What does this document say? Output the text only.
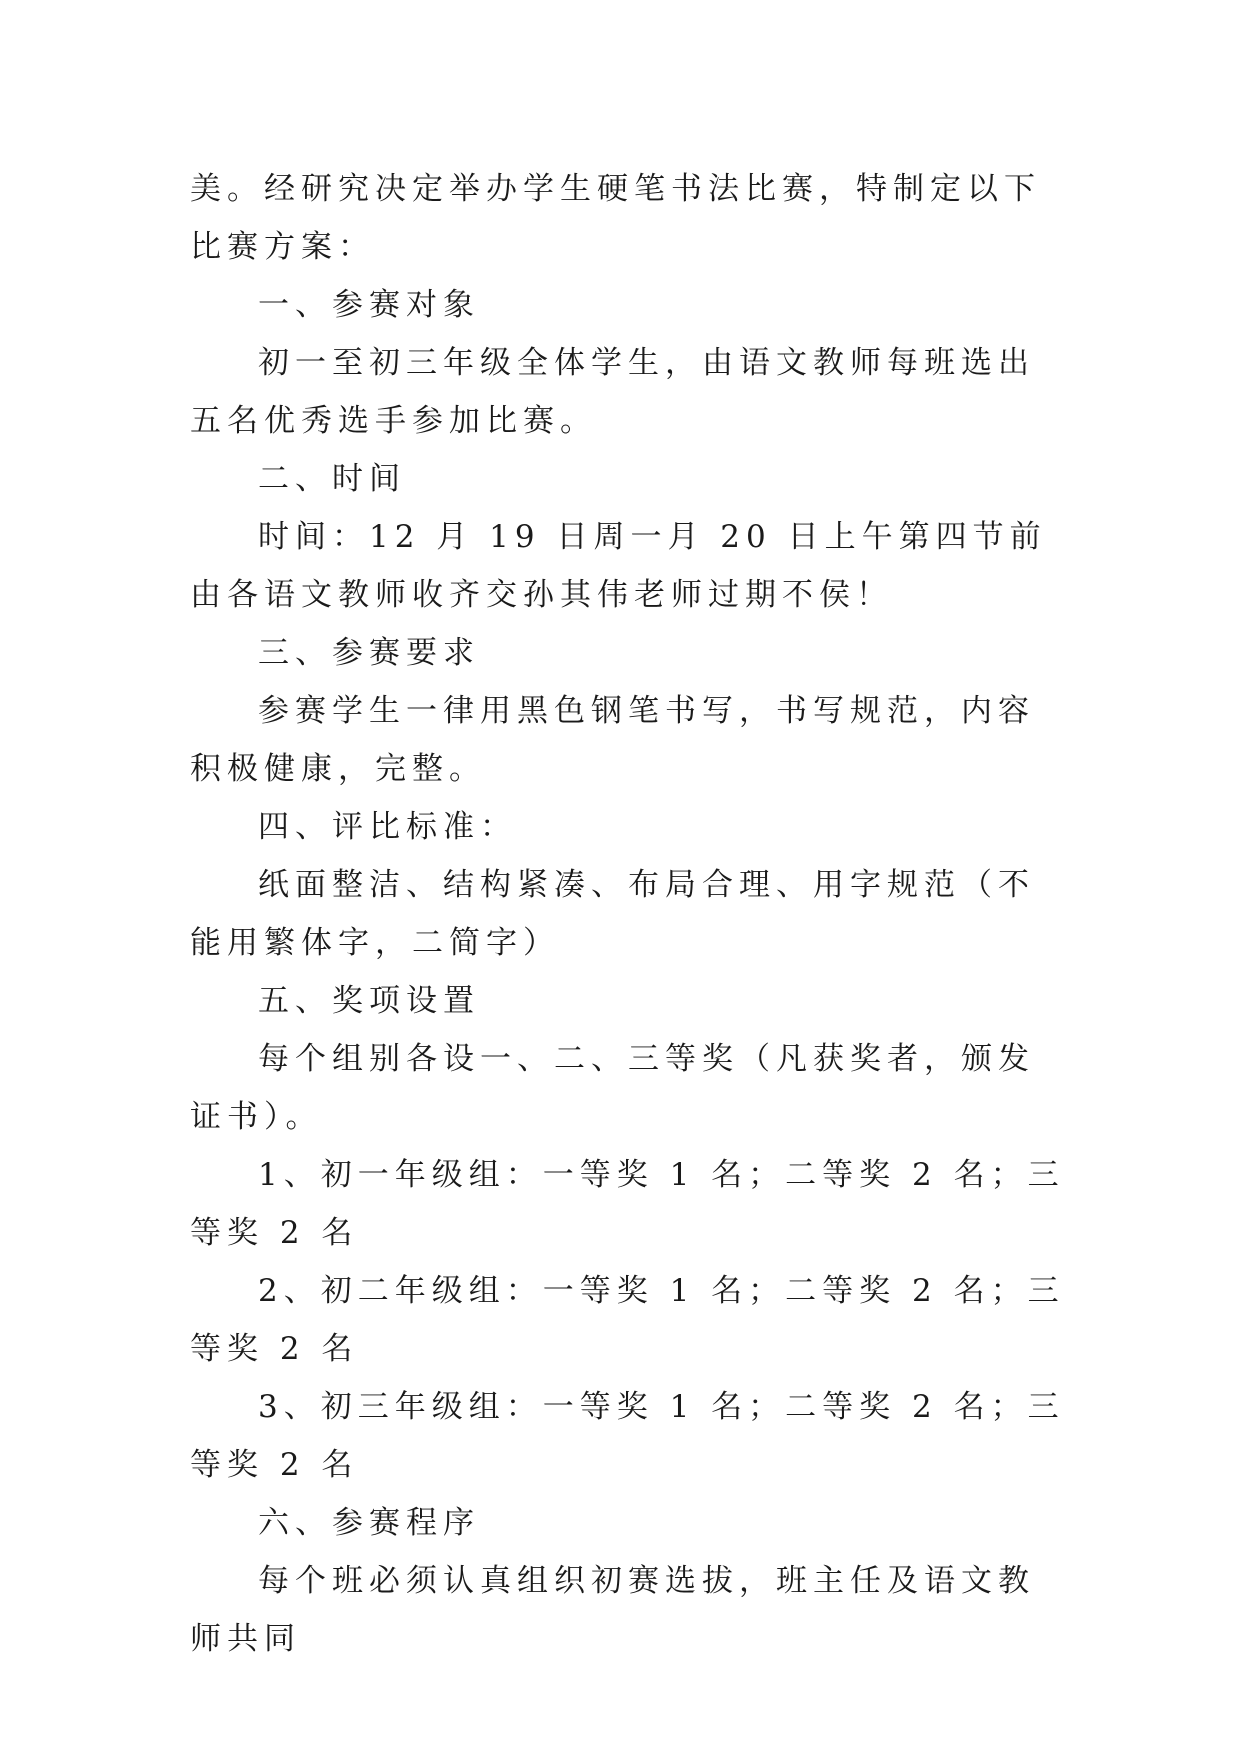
美。经研究决定举办学生硬笔书法比赛，特制定以下比赛方案：

一、参赛对象

初一至初三年级全体学生，由语文教师每班选出五名优秀选手参加比赛。

二、时间

时间：12 月 19 日周一月 20 日上午第四节前由各语文教师收齐交孙其伟老师过期不侯！

三、参赛要求

参赛学生一律用黑色钢笔书写，书写规范，内容积极健康，完整。

四、评比标准：

纸面整洁、结构紧凑、布局合理、用字规范（不能用繁体字，二简字）

五、奖项设置

每个组别各设一、二、三等奖（凡获奖者，颁发证书）。

1、初一年级组：一等奖 1 名；二等奖 2 名；三等奖 2 名

2、初二年级组：一等奖 1 名；二等奖 2 名；三等奖 2 名

3、初三年级组：一等奖 1 名；二等奖 2 名；三等奖 2 名

六、参赛程序

每个班必须认真组织初赛选拔，班主任及语文教师共同
